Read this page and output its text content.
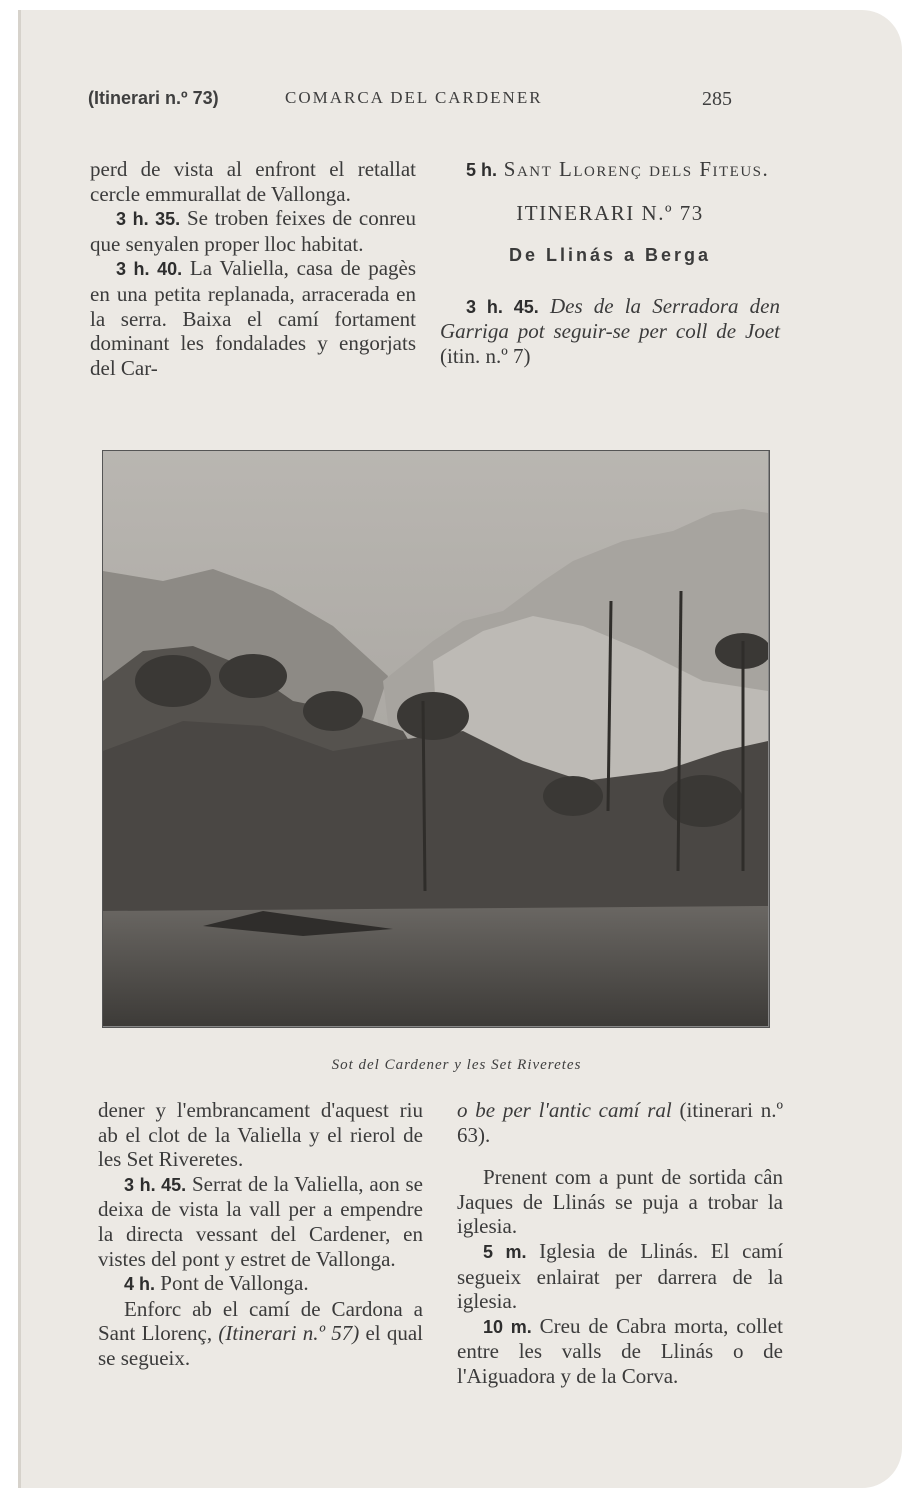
(Itinerari n.º 73)	COMARCA DEL CARDENER	285

perd de vista al enfront el retallat cercle emmurallat de Vallonga.

3 h. 35. Se troben feixes de conreu que senyalen proper lloc habitat.

3 h. 40. La Valiella, casa de pagès en una petita replanada, arracerada en la serra. Baixa el camí fortament dominant les fondalades y engorjats del Car-

5 h. Sant Llorenç dels Fiteus.

ITINERARI N.º 73

De Llinás a Berga

3 h. 45. Des de la Serradora den Garriga pot seguir-se per coll de Joet (itin. n.º 7)

Sot del Cardener y les Set Riveretes

dener y l'embrancament d'aquest riu ab el clot de la Valiella y el rierol de les Set Riveretes.

3 h. 45. Serrat de la Valiella, aon se deixa de vista la vall per a empendre la directa vessant del Cardener, en vistes del pont y estret de Vallonga.

4 h. Pont de Vallonga.

Enforc ab el camí de Cardona a Sant Llorenç, (Itinerari n.º 57) el qual se segueix.

o be per l'antic camí ral (itinerari n.º 63).

Prenent com a punt de sortida cân Jaques de Llinás se puja a trobar la iglesia.

5 m. Iglesia de Llinás. El camí segueix enlairat per darrera de la iglesia.

10 m. Creu de Cabra morta, collet entre les valls de Llinás o de l'Aiguadora y de la Corva.
